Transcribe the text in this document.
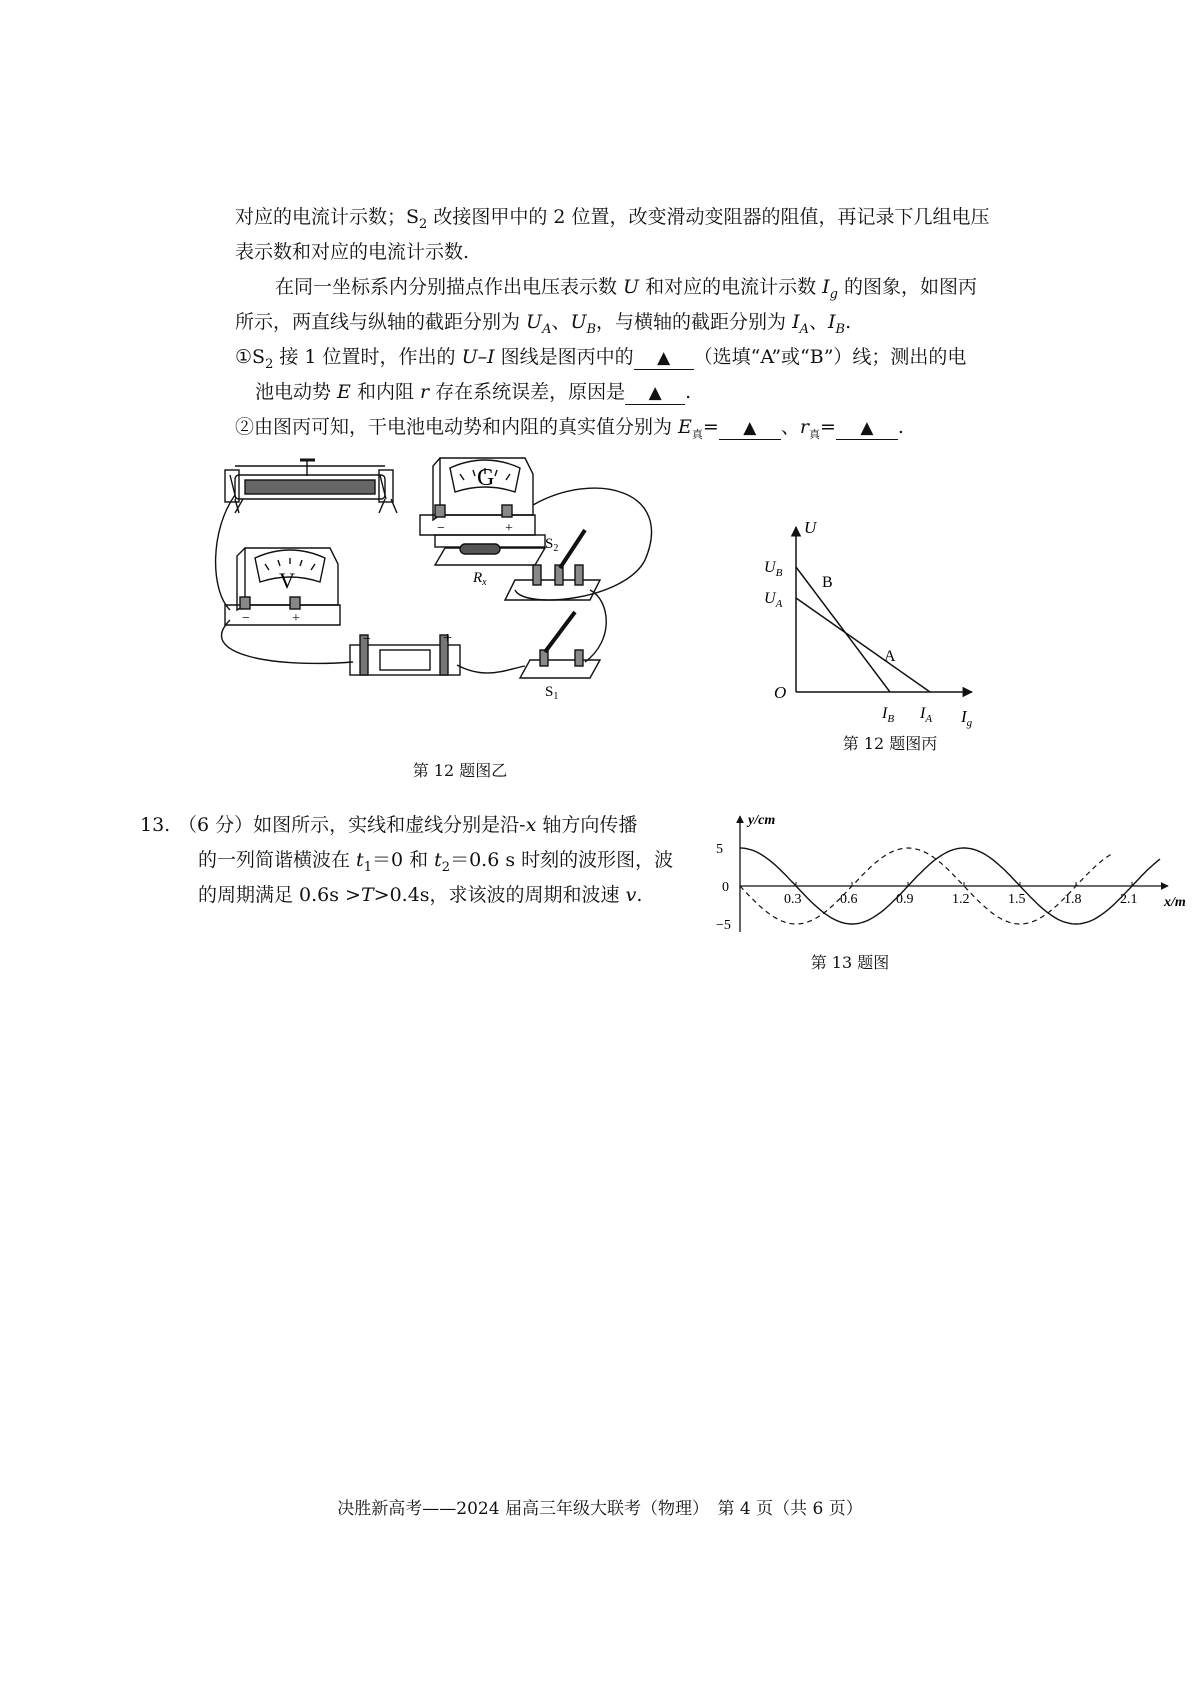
对应的电流计示数；$S_2$ 改接图甲中的 2 位置，改变滑动变阻器的阻值，再记录下几组电压
表示数和对应的电流计示数.
在同一坐标系内分别描点作出电压表示数 U 和对应的电流计示数 $I_g$ 的图象，如图丙
所示，两直线与纵轴的截距分别为 $U_A$、$U_B$，与横轴的截距分别为 $I_A$、$I_B$.
$①S_2$ 接 1 位置时，作出的 U–I 图线是图丙中的 ▲ （选填“A”或“B”）线；测出的电
池电动势 E 和内阻 r 存在系统误差，原因是 ▲ .
②由图丙可知，干电池电动势和内阻的真实值分别为 $E_真=$ ▲ 、$r_真=$ ▲ .
G
V
−	+
−	+
−	+
$R_x$
$S_2$
$S_1$
第 12 题图乙
U
O
$U_B$
$U_A$
$I_B$ $I_A$ $I_g$
B
A
第 12 题图丙
13. （6 分）如图所示，实线和虚线分别是沿-x 轴方向传播
的一列简谐横波在 $t_1=0$ 和 $t_2=0.6$ s 时刻的波形图，波
的周期满足 0.6s >T>0.4s，求该波的周期和波速 v.	0.3	0.6	0.9	1.2	1.5	1.8	2.1
5
−5
y/cm
x/m
0
第 13 题图
决胜新高考——2024 届高三年级大联考（物理）　第 4 页（共 6 页）
